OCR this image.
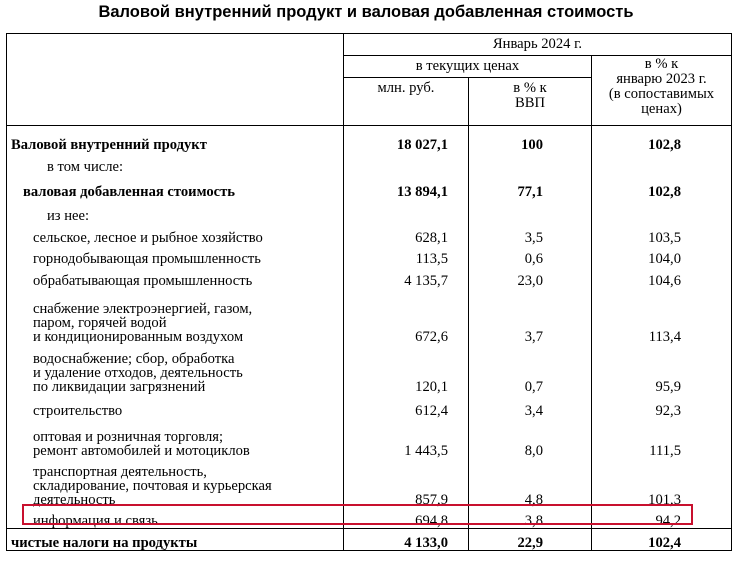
Валовой внутренний продукт и валовая добавленная стоимость
	Январь 2024 г.		
	в текущих ценах		в % к
январю 2023 г.
(в сопоставимых
ценах)

	млн. руб.	в % к
ВВП	

Валовой внутренний продукт	18 027,1	100	102,8

в том числе:			

валовая добавленная стоимость	13 894,1	77,1	102,8

из нее:			

сельское, лесное и рыбное хозяйство	628,1	3,5	103,5

горнодобывающая промышленность	113,5	0,6	104,0

обрабатывающая промышленность	4 135,7	23,0	104,6

снабжение электроэнергией, газом,
паром, горячей водой
и кондиционированным воздухом	672,6	3,7	113,4

водоснабжение; сбор, обработка
и удаление отходов, деятельность
по ликвидации загрязнений	120,1	0,7	95,9

строительство	612,4	3,4	92,3

оптовая и розничная торговля;
ремонт автомобилей и мотоциклов	1 443,5	8,0	111,5

транспортная деятельность,
складирование, почтовая и курьерская
деятельность	857,9	4,8	101,3

информация и связь	694,8	3,8	94,2

чистые налоги на продукты	4 133,0	22,9	102,4
